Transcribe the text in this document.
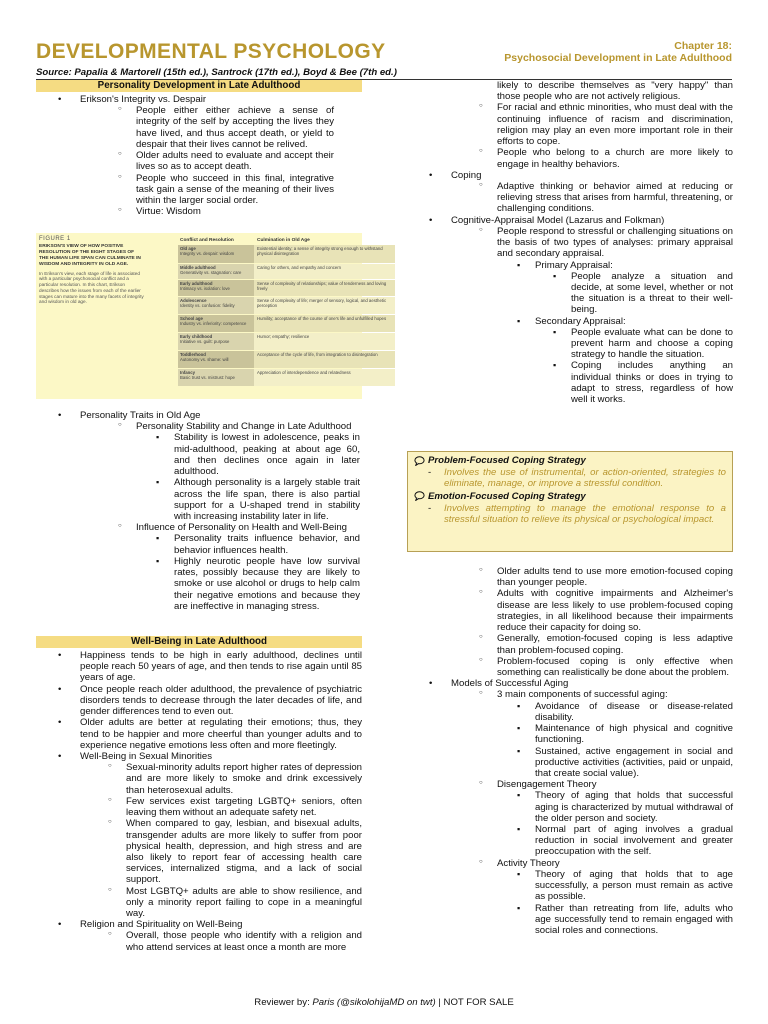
DEVELOPMENTAL PSYCHOLOGY	Chapter 18:
Psychosocial Development in Late Adulthood
Source: Papalia & Martorell (15th ed.), Santrock (17th ed.), Boyd & Bee (7th ed.)
Personality Development in Late Adulthood
• Erikson's Integrity vs. Despair
○ People either either achieve a sense of integrity of the self by accepting the lives they have lived, and thus accept death, or yield to despair that their lives cannot be relived.
○ Older adults need to evaluate and accept their lives so as to accept death.
○ People who succeed in this final, integrative task gain a sense of the meaning of their lives within the larger social order.
○ Virtue: Wisdom
FIGURE 1
ERIKSON'S VIEW OF HOW POSITIVE RESOLUTION OF THE EIGHT STAGES OF THE HUMAN LIFE SPAN CAN CULMINATE IN WISDOM AND INTEGRITY IN OLD AGE.
In Erikson's view, each stage of life is associated with a particular psychosocial conflict and a particular resolution. In this chart, Erikson describes how the issues from each of the earlier stages can mature into the many facets of integrity and wisdom in old age.
Conflict and Resolution	Culmination in Old Age
Old age
Integrity vs. despair: wisdom
Existential identity; a sense of integrity strong enough to withstand physical disintegration
Middle adulthood
Generativity vs. stagnation: care
Caring for others, and empathy and concern
Early adulthood
Intimacy vs. isolation: love
Sense of complexity of relationships; value of tenderness and loving freely
Adolescence
Identity vs. confusion: fidelity
Sense of complexity of life; merger of sensory, logical, and aesthetic perception
School age
Industry vs. inferiority: competence
Humility; acceptance of the course of one's life and unfulfilled hopes
Early childhood
Initiative vs. guilt: purpose
Humor; empathy; resilience
Toddlerhood
Autonomy vs. shame: will
Acceptance of the cycle of life, from integration to disintegration
Infancy
Basic trust vs. mistrust: hope
Appreciation of interdependence and relatedness
• Personality Traits in Old Age
○ Personality Stability and Change in Late Adulthood
▪ Stability is lowest in adolescence, peaks in mid-adulthood, peaking at about age 60, and then declines once again in later adulthood.
▪ Although personality is a largely stable trait across the life span, there is also partial support for a U-shaped trend in stability with increasing instability later in life.
○ Influence of Personality on Health and Well-Being
▪ Personality traits influence behavior, and behavior influences health.
▪ Highly neurotic people have low survival rates, possibly because they are likely to smoke or use alcohol or drugs to help calm their negative emotions and because they are ineffective in managing stress.
Well-Being in Late Adulthood
• Happiness tends to be high in early adulthood, declines until people reach 50 years of age, and then tends to rise again until 85 years of age.
• Once people reach older adulthood, the prevalence of psychiatric disorders tends to decrease through the later decades of life, and gender differences tend to even out.
• Older adults are better at regulating their emotions; thus, they tend to be happier and more cheerful than younger adults and to experience negative emotions less often and more fleetingly.
• Well-Being in Sexual Minorities
○ Sexual-minority adults report higher rates of depression and are more likely to smoke and drink excessively than heterosexual adults.
○ Few services exist targeting LGBTQ+ seniors, often leaving them without an adequate safety net.
○ When compared to gay, lesbian, and bisexual adults, transgender adults are more likely to suffer from poor physical health, depression, and high stress and are also likely to report fear of accessing health care services, internalized stigma, and a lack of social support.
○ Most LGBTQ+ adults are able to show resilience, and only a minority report failing to cope in a meaningful way.
• Religion and Spirituality on Well-Being
○ Overall, those people who identify with a religion and who attend services at least once a month are more
likely to describe themselves as "very happy" than those people who are not actively religious.
○ For racial and ethnic minorities, who must deal with the continuing influence of racism and discrimination, religion may play an even more important role in their efforts to cope.
○ People who belong to a church are more likely to engage in healthy behaviors.
• Coping
○ Adaptive thinking or behavior aimed at reducing or relieving stress that arises from harmful, threatening, or challenging conditions.
• Cognitive-Appraisal Model (Lazarus and Folkman)
○ People respond to stressful or challenging situations on the basis of two types of analyses: primary appraisal and secondary appraisal.
▪ Primary Appraisal:
▪ People analyze a situation and decide, at some level, whether or not the situation is a threat to their well-being.
▪ Secondary Appraisal:
▪ People evaluate what can be done to prevent harm and choose a coping strategy to handle the situation.
▪ Coping includes anything an individual thinks or does in trying to adapt to stress, regardless of how well it works.
Problem-Focused Coping Strategy
- Involves the use of instrumental, or action-oriented, strategies to eliminate, manage, or improve a stressful condition.
Emotion-Focused Coping Strategy
- Involves attempting to manage the emotional response to a stressful situation to relieve its physical or psychological impact.
○ Older adults tend to use more emotion-focused coping than younger people.
○ Adults with cognitive impairments and Alzheimer's disease are less likely to use problem-focused coping strategies, in all likelihood because their impairments reduce their capacity for doing so.
○ Generally, emotion-focused coping is less adaptive than problem-focused coping.
○ Problem-focused coping is only effective when something can realistically be done about the problem.
• Models of Successful Aging
○ 3 main components of successful aging:
▪ Avoidance of disease or disease-related disability.
▪ Maintenance of high physical and cognitive functioning.
▪ Sustained, active engagement in social and productive activities (activities, paid or unpaid, that create social value).
○ Disengagement Theory
▪ Theory of aging that holds that successful aging is characterized by mutual withdrawal of the older person and society.
▪ Normal part of aging involves a gradual reduction in social involvement and greater preoccupation with the self.
○ Activity Theory
▪ Theory of aging that holds that to age successfully, a person must remain as active as possible.
▪ Rather than retreating from life, adults who age successfully tend to remain engaged with social roles and connections.
Reviewer by: Paris (@sikolohijaMD on twt) | NOT FOR SALE
